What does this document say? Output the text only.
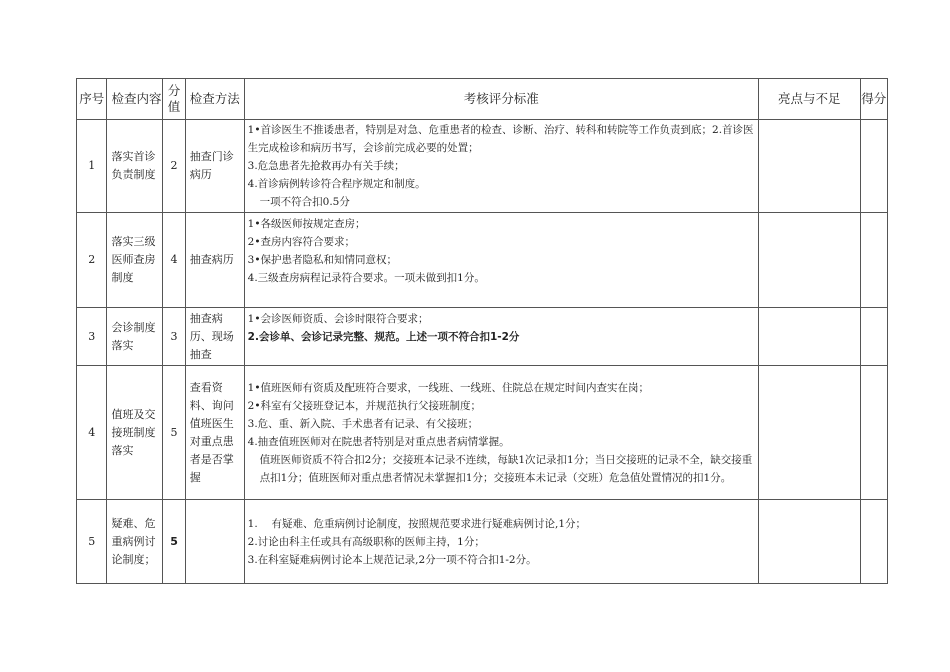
序号	检查内容	分值	检查方法	考核评分标准	亮点与不足	得分
1	落实首诊负责制度	2	抽查门诊病历	1•首诊医生不推诿患者，特别是对急、危重患者的检查、诊断、治疗、转科和转院等工作负责到底；2.首诊医生完成检诊和病历书写，会诊前完成必要的处置；

3.危急患者先抢救再办有关手续；

4.首诊病例转诊符合程序规定和制度。

一项不符合扣0.5分		

2	落实三级医师查房制度	4	抽查病历	1•各级医师按规定查房；

2•查房内容符合要求；

3•保护患者隐私和知情同意权；

4.三级查房病程记录符合要求。一项未做到扣1分。		

3	会诊制度落实	3	抽查病历、现场抽查	1•会诊医师资质、会诊时限符合要求；

2.会诊单、会诊记录完整、规范。上述一项不符合扣1-2分		

4	值班及交接班制度落实	5	查看资料、询问值班医生对重点患者是否掌握	1•值班医师有资质及配班符合要求，一线班、一线班、住院总在规定时间内查实在岗；

2•科室有父接班登记本，并规范执行父接班制度；

3.危、重、新入院、手术患者有记录、有父接班；

4.抽查值班医师对在院患者特别是对重点患者病情掌握。

值班医师资质不符合扣2分；交接班本记录不连续，每缺1次记录扣1分；当日交接班的记录不全，缺交接重点扣1分；值班医师对重点患者情况未掌握扣1分；交接班本未记录（交班）危急值处置情况的扣1分。		

5	疑难、危重病例讨论制度；	5		1.　 有疑难、危重病例讨论制度，按照规范要求进行疑难病例讨论,1分；

2.讨论由科主任或具有高级职称的医师主持，1分；

3.在科室疑难病例讨论本上规范记录,2分一项不符合扣1-2分。		
